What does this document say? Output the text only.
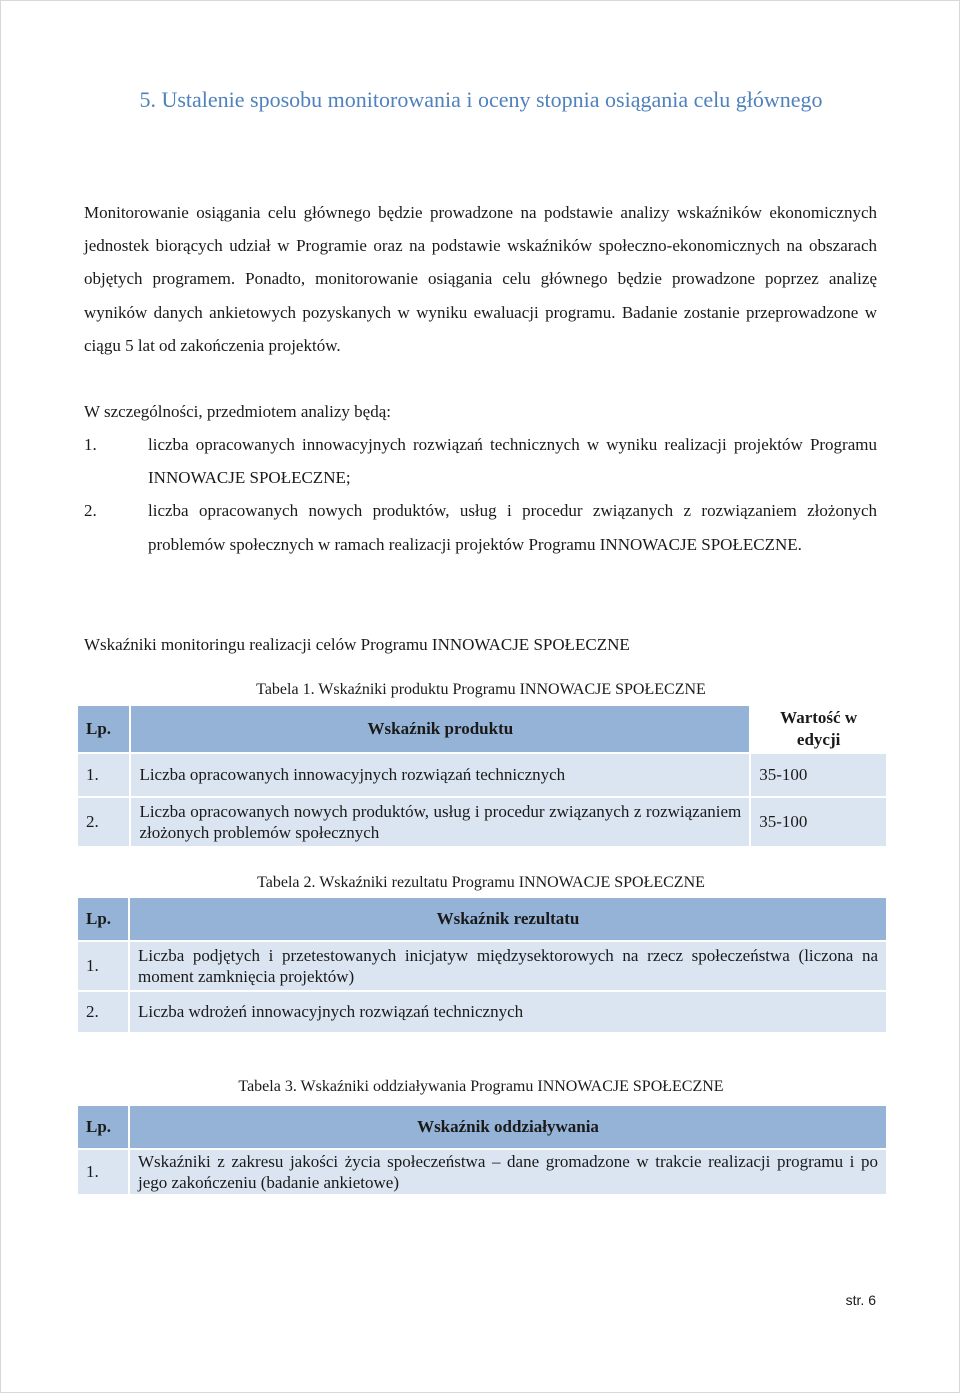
5. Ustalenie sposobu monitorowania i oceny stopnia osiągania celu głównego

Monitorowanie osiągania celu głównego będzie prowadzone na podstawie analizy wskaźników ekonomicznych jednostek biorących udział w Programie oraz na podstawie wskaźników społeczno-ekonomicznych na obszarach objętych programem. Ponadto, monitorowanie osiągania celu głównego będzie prowadzone poprzez analizę wyników danych ankietowych pozyskanych w wyniku ewaluacji programu. Badanie zostanie przeprowadzone w ciągu 5 lat od zakończenia projektów.

W szczególności, przedmiotem analizy będą:

1.	liczba opracowanych innowacyjnych rozwiązań technicznych w wyniku realizacji projektów Programu INNOWACJE SPOŁECZNE;
2.	liczba opracowanych nowych produktów, usług i procedur związanych z rozwiązaniem złożonych problemów społecznych w ramach realizacji projektów Programu INNOWACJE SPOŁECZNE.

Wskaźniki monitoringu realizacji celów Programu INNOWACJE SPOŁECZNE

Tabela 1. Wskaźniki produktu Programu INNOWACJE SPOŁECZNE
Lp.	Wskaźnik produktu	Wartość w edycji
1.	Liczba opracowanych innowacyjnych rozwiązań technicznych	35-100
2.	Liczba opracowanych nowych produktów, usług i procedur związanych z rozwiązaniem złożonych problemów społecznych	35-100
Tabela 2. Wskaźniki rezultatu Programu INNOWACJE SPOŁECZNE
Lp.	Wskaźnik rezultatu
1.	Liczba podjętych i przetestowanych inicjatyw międzysektorowych na rzecz społeczeństwa (liczona na moment zamknięcia projektów)
2.	Liczba wdrożeń innowacyjnych rozwiązań technicznych
Tabela 3. Wskaźniki oddziaływania Programu INNOWACJE SPOŁECZNE
Lp.	Wskaźnik oddziaływania
1.	Wskaźniki z zakresu jakości życia społeczeństwa – dane gromadzone w trakcie realizacji programu i po jego zakończeniu (badanie ankietowe)
str. 6
